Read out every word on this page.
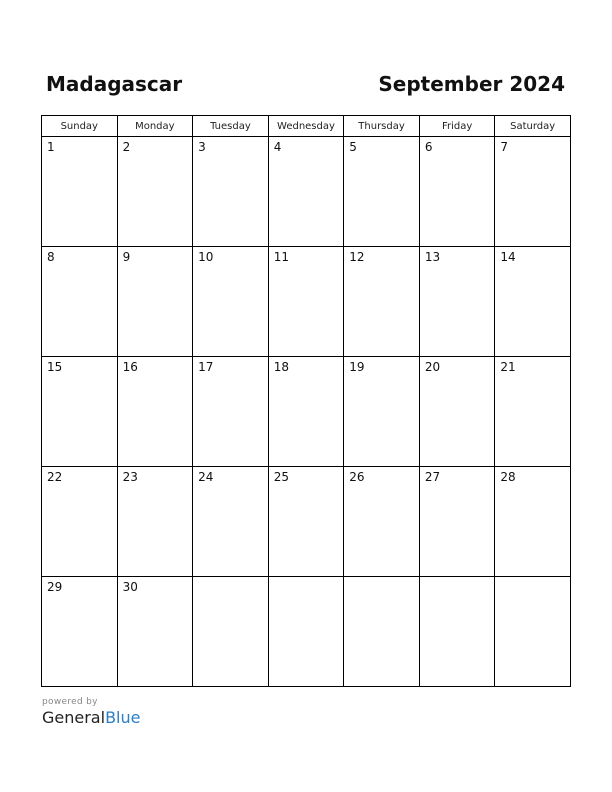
Madagascar	September 2024
Sunday	Monday	Tuesday	Wednesday	Thursday	Friday	Saturday

1	2	3	4	5	6	7

8	9	10	11	12	13	14

15	16	17	18	19	20	21

22	23	24	25	26	27	28

29	30					

powered by
GeneralBlue
